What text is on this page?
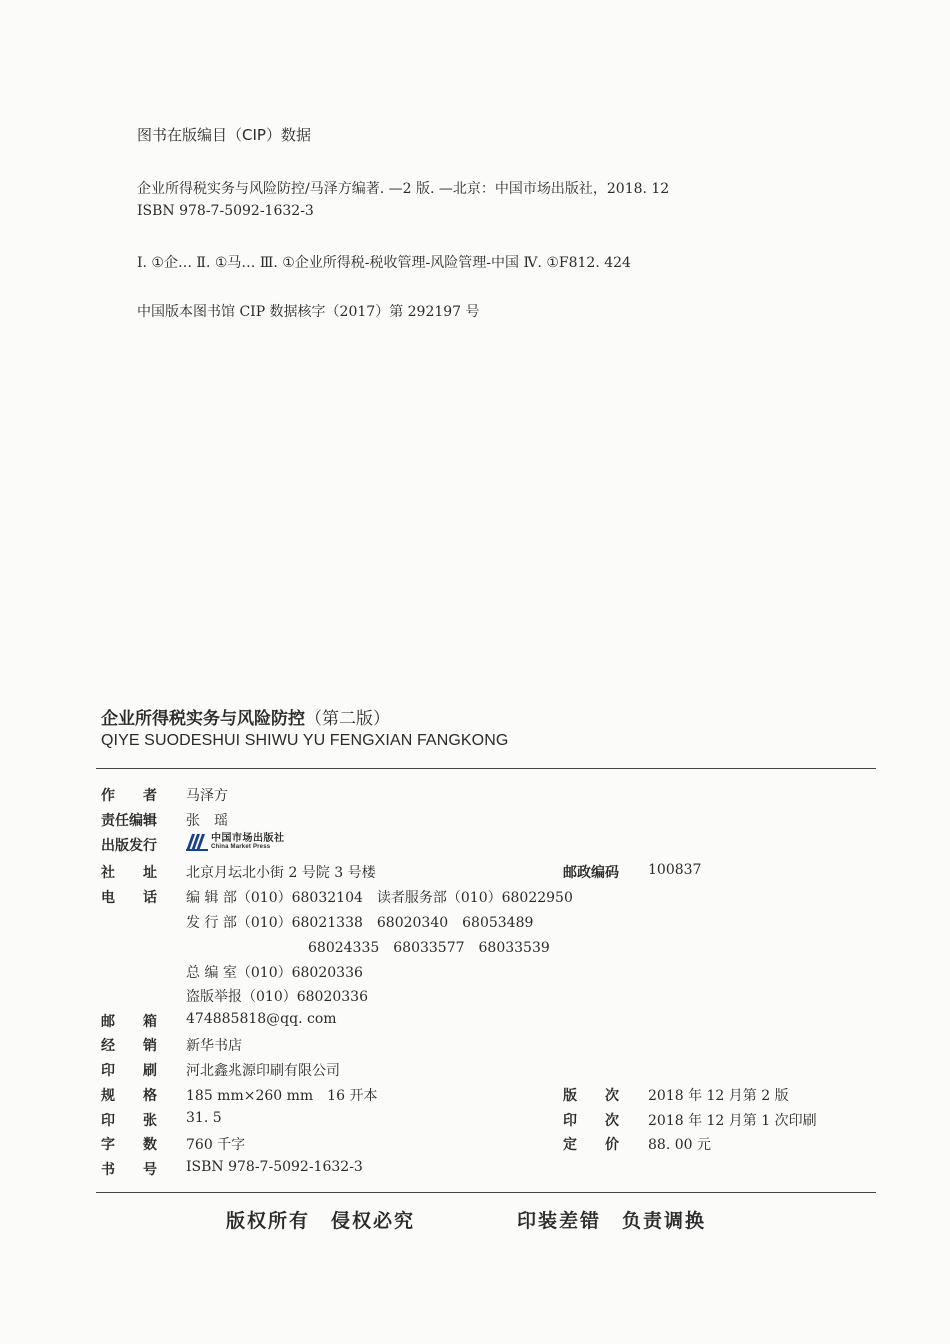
图书在版编目（CIP）数据
企业所得税实务与风险防控/马泽方编著. —2 版. —北京：中国市场出版社，2018. 12
ISBN 978-7-5092-1632-3
Ⅰ. ①企… Ⅱ. ①马… Ⅲ. ①企业所得税-税收管理-风险管理-中国 Ⅳ. ①F812. 424
中国版本图书馆 CIP 数据核字（2017）第 292197 号
企业所得税实务与风险防控（第二版）
QIYE SUODESHUI SHIWU YU FENGXIAN FANGKONG
作　　者 马泽方
责任编辑 张　瑶
出版发行	中国市场出版社
China Market Press
社　　址 北京月坛北小街 2 号院 3 号楼	邮政编码 100837
电　　话 编 辑 部（010）68032104　读者服务部（010）68022950
发 行 部（010）68021338　68020340　68053489
68024335　68033577　68033539
总 编 室（010）68020336
盗版举报（010）68020336
邮　　箱 474885818@qq. com
经　　销 新华书店
印　　刷 河北鑫兆源印刷有限公司
规　　格 185 mm×260 mm　16 开本	版　　次 2018 年 12 月第 2 版
印　　张 31. 5	印　　次 2018 年 12 月第 1 次印刷
字　　数 760 千字	定　　价 88. 00 元
书　　号 ISBN 978-7-5092-1632-3
版权所有　侵权必究	印装差错　负责调换
